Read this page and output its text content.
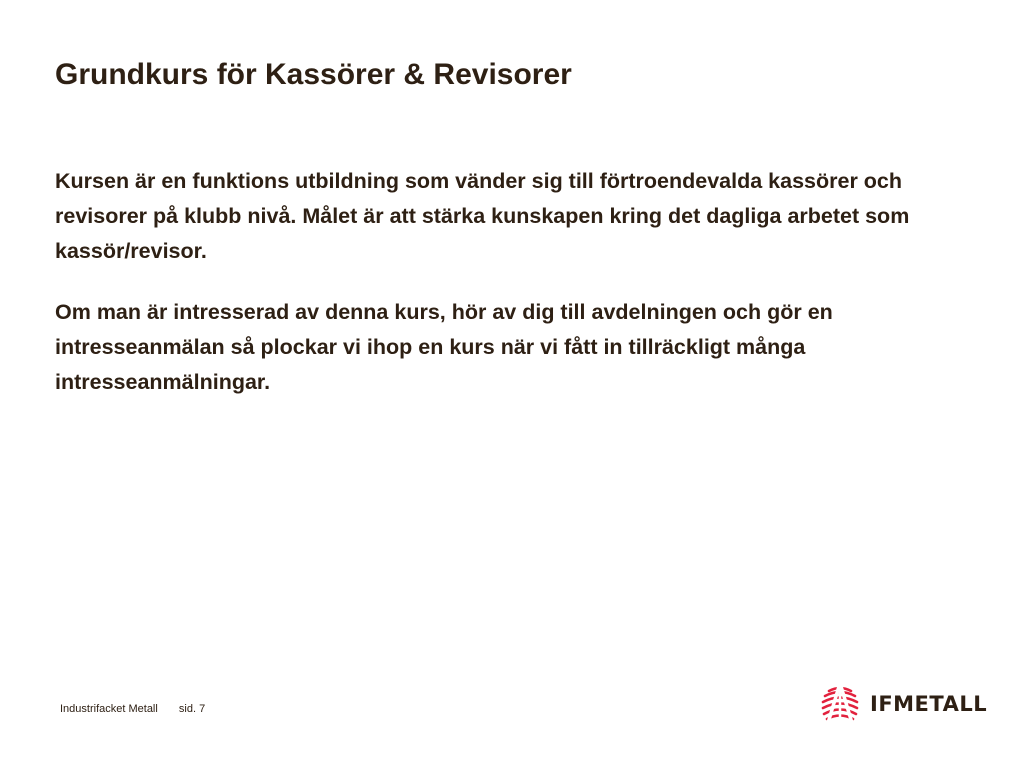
Grundkurs för Kassörer & Revisorer

Kursen är en funktions utbildning som vänder sig till förtroendevalda kassörer och revisorer på klubb nivå. Målet är att stärka kunskapen kring det dagliga arbetet som kassör/revisor.

Om man är intresserad av denna kurs, hör av dig till avdelningen och gör en intresseanmälan så plockar vi ihop en kurs när vi fått in tillräckligt många intresseanmälningar.

Industrifacket Metall sid. 7	IFMETALL
